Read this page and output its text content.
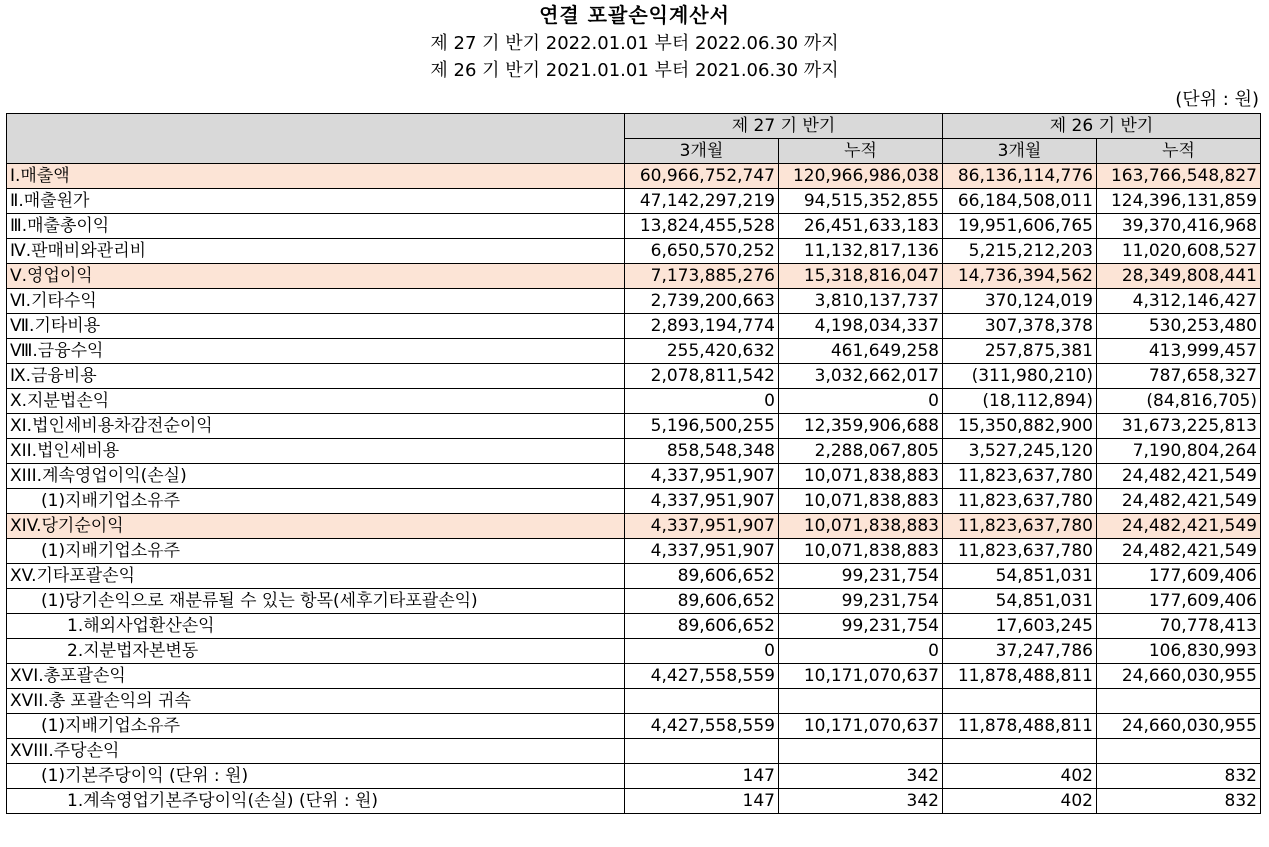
연결 포괄손익계산서
제 27 기 반기 2022.01.01 부터 2022.06.30 까지
제 26 기 반기 2021.01.01 부터 2021.06.30 까지
(단위 : 원)
	제 27 기 반기		제 26 기 반기	
	3개월	누적	3개월	누적
Ⅰ.매출액	60,966,752,747	120,966,986,038	86,136,114,776	163,766,548,827
Ⅱ.매출원가	47,142,297,219	94,515,352,855	66,184,508,011	124,396,131,859
Ⅲ.매출총이익	13,824,455,528	26,451,633,183	19,951,606,765	39,370,416,968
Ⅳ.판매비와관리비	6,650,570,252	11,132,817,136	5,215,212,203	11,020,608,527
Ⅴ.영업이익	7,173,885,276	15,318,816,047	14,736,394,562	28,349,808,441
Ⅵ.기타수익	2,739,200,663	3,810,137,737	370,124,019	4,312,146,427
Ⅶ.기타비용	2,893,194,774	4,198,034,337	307,378,378	530,253,480
Ⅷ.금융수익	255,420,632	461,649,258	257,875,381	413,999,457
Ⅸ.금융비용	2,078,811,542	3,032,662,017	(311,980,210)	787,658,327
Ⅹ.지분법손익	0	0	(18,112,894)	(84,816,705)
XI.법인세비용차감전순이익	5,196,500,255	12,359,906,688	15,350,882,900	31,673,225,813
XII.법인세비용	858,548,348	2,288,067,805	3,527,245,120	7,190,804,264
XIII.계속영업이익(손실)	4,337,951,907	10,071,838,883	11,823,637,780	24,482,421,549
(1)지배기업소유주	4,337,951,907	10,071,838,883	11,823,637,780	24,482,421,549
XIV.당기순이익	4,337,951,907	10,071,838,883	11,823,637,780	24,482,421,549
(1)지배기업소유주	4,337,951,907	10,071,838,883	11,823,637,780	24,482,421,549
XV.기타포괄손익	89,606,652	99,231,754	54,851,031	177,609,406
(1)당기손익으로 재분류될 수 있는 항목(세후기타포괄손익)	89,606,652	99,231,754	54,851,031	177,609,406
1.해외사업환산손익	89,606,652	99,231,754	17,603,245	70,778,413
2.지분법자본변동	0	0	37,247,786	106,830,993
XVI.총포괄손익	4,427,558,559	10,171,070,637	11,878,488,811	24,660,030,955
XVII.총 포괄손익의 귀속				
(1)지배기업소유주	4,427,558,559	10,171,070,637	11,878,488,811	24,660,030,955
XVIII.주당손익				
(1)기본주당이익 (단위 : 원)	147	342	402	832
1.계속영업기본주당이익(손실) (단위 : 원)	147	342	402	832
